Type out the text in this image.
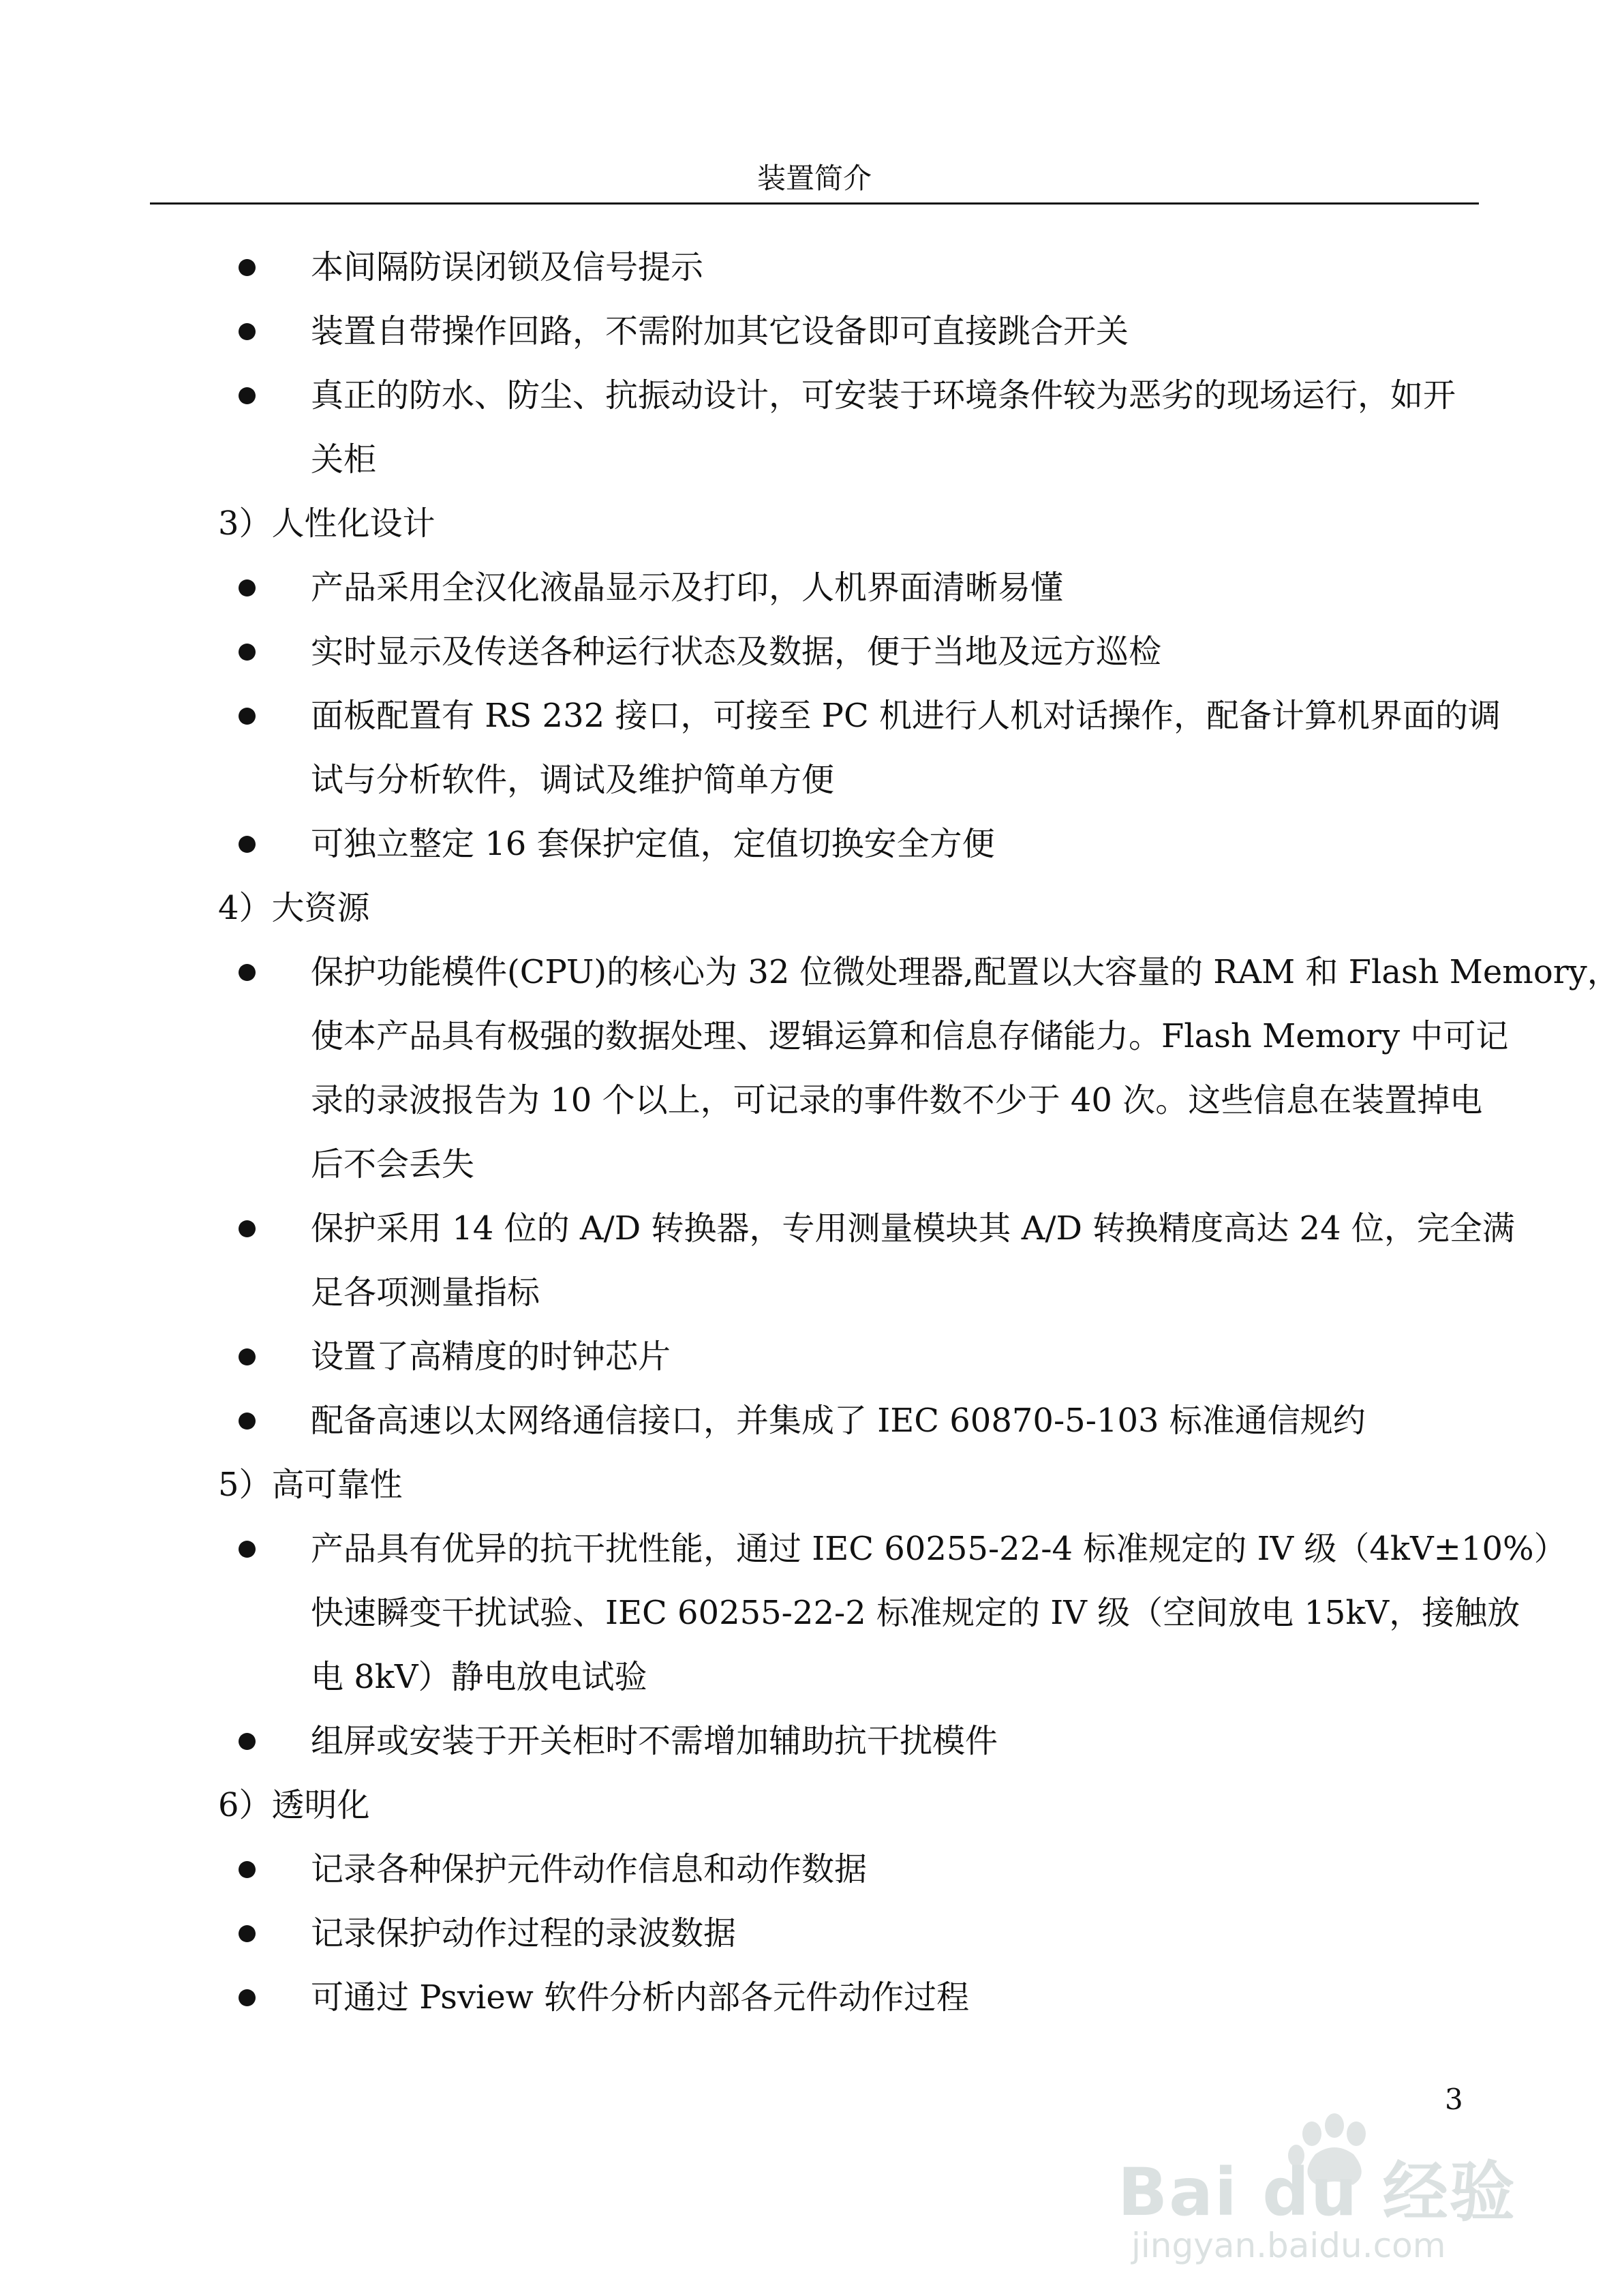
装置简介
本间隔防误闭锁及信号提示
装置自带操作回路，不需附加其它设备即可直接跳合开关
真正的防水、防尘、抗振动设计，可安装于环境条件较为恶劣的现场运行，如开
关柜
3）人性化设计
产品采用全汉化液晶显示及打印，人机界面清晰易懂
实时显示及传送各种运行状态及数据，便于当地及远方巡检
面板配置有 RS 232 接口，可接至 PC 机进行人机对话操作，配备计算机界面的调
试与分析软件，调试及维护简单方便
可独立整定 16 套保护定值，定值切换安全方便
4）大资源
保护功能模件(CPU)的核心为 32 位微处理器,配置以大容量的 RAM 和 Flash Memory，
使本产品具有极强的数据处理、逻辑运算和信息存储能力。Flash Memory 中可记
录的录波报告为 10 个以上，可记录的事件数不少于 40 次。这些信息在装置掉电
后不会丢失
保护采用 14 位的 A/D 转换器，专用测量模块其 A/D 转换精度高达 24 位，完全满
足各项测量指标
设置了高精度的时钟芯片
配备高速以太网络通信接口，并集成了 IEC 60870-5-103 标准通信规约
5）高可靠性
产品具有优异的抗干扰性能，通过 IEC 60255-22-4 标准规定的 IV 级（4kV±10%）
快速瞬变干扰试验、IEC 60255-22-2 标准规定的 IV 级（空间放电 15kV，接触放
电 8kV）静电放电试验
组屏或安装于开关柜时不需增加辅助抗干扰模件
6）透明化
记录各种保护元件动作信息和动作数据
记录保护动作过程的录波数据
可通过 Psview 软件分析内部各元件动作过程
3
Bai du 经验
jingyan.baidu.com
